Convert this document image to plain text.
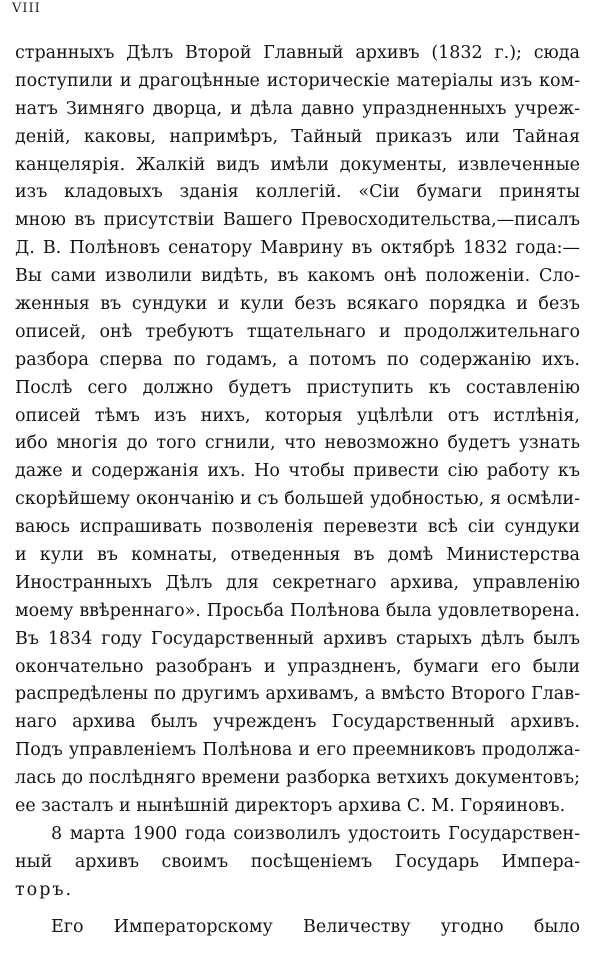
VIII
странныхъ Дѣлъ Второй Главный архивъ (1832 г.); сюда
поступили и драгоцѣнные историческіе матеріалы изъ ком-
натъ Зимняго дворца, и дѣла давно упраздненныхъ учреж-
деній, каковы, напримѣръ, Тайный приказъ или Тайная
канцелярія. Жалкій видъ имѣли документы, извлеченные
изъ кладовыхъ зданія коллегій. «Сіи бумаги приняты
мною въ присутствіи Вашего Превосходительства,—писалъ
Д. В. Полѣновъ сенатору Маврину въ октябрѣ 1832 года:—
Вы сами изволили видѣть, въ какомъ онѣ положеніи. Сло-
женныя въ сундуки и кули безъ всякаго порядка и безъ
описей, онѣ требуютъ тщательнаго и продолжительнаго
разбора сперва по годамъ, а потомъ по содержанію ихъ.
Послѣ сего должно будетъ приступить къ составленію
описей тѣмъ изъ нихъ, которыя уцѣлѣли отъ истлѣнія,
ибо многія до того сгнили, что невозможно будетъ узнать
даже и содержанія ихъ. Но чтобы привести сію работу къ
скорѣйшему окончанію и съ большей удобностью, я осмѣли-
ваюсь испрашивать позволенія перевезти всѣ сіи сундуки
и кули въ комнаты, отведенныя въ домѣ Министерства
Иностранныхъ Дѣлъ для секретнаго архива, управленію
моему ввѣреннаго». Просьба Полѣнова была удовлетворена.
Въ 1834 году Государственный архивъ старыхъ дѣлъ былъ
окончательно разобранъ и упраздненъ, бумаги его были
распредѣлены по другимъ архивамъ, а вмѣсто Второго Глав-
наго архива былъ учрежденъ Государственный архивъ.
Подъ управленіемъ Полѣнова и его преемниковъ продолжа-
лась до послѣдняго времени разборка ветхихъ документовъ;
ее засталъ и нынѣшній директоръ архива С. М. Горяиновъ.
8 марта 1900 года соизволилъ удостоить Государствен-
ный архивъ своимъ посѣщеніемъ Государь Импера-
торъ.
Его Императорскому Величеству угодно было
